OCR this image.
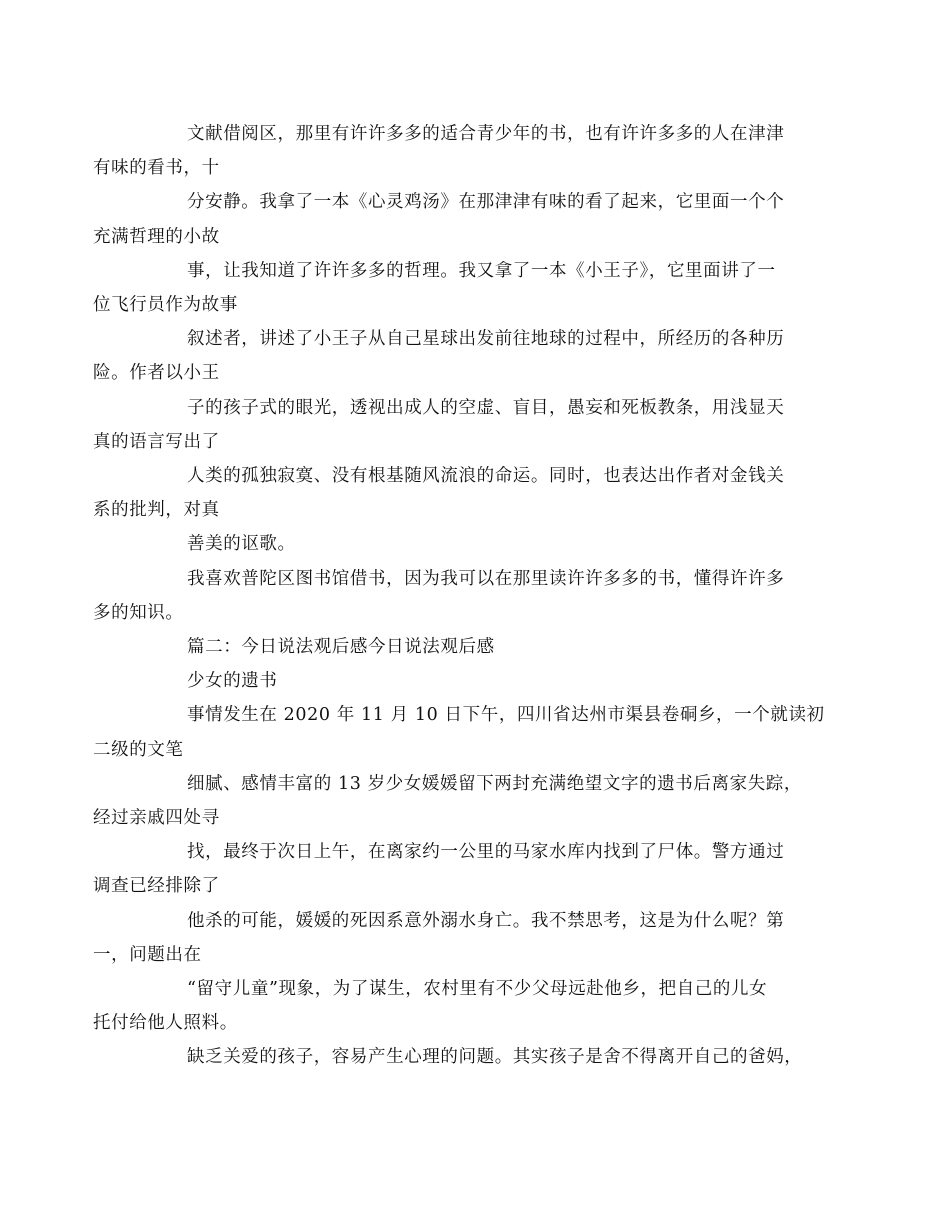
文献借阅区，那里有许许多多的适合青少年的书，也有许许多多的人在津津
有味的看书，十

分安静。我拿了一本《心灵鸡汤》在那津津有味的看了起来，它里面一个个
充满哲理的小故

事，让我知道了许许多多的哲理。我又拿了一本《小王子》，它里面讲了一
位飞行员作为故事

叙述者，讲述了小王子从自己星球出发前往地球的过程中，所经历的各种历
险。作者以小王

子的孩子式的眼光，透视出成人的空虚、盲目，愚妄和死板教条，用浅显天
真的语言写出了

人类的孤独寂寞、没有根基随风流浪的命运。同时，也表达出作者对金钱关
系的批判，对真

善美的讴歌。

我喜欢普陀区图书馆借书，因为我可以在那里读许许多多的书，懂得许许多
多的知识。

篇二：今日说法观后感今日说法观后感

少女的遗书

事情发生在 2020 年 11 月 10 日下午，四川省达州市渠县卷硐乡，一个就读初
二级的文笔

细腻、感情丰富的 13 岁少女媛媛留下两封充满绝望文字的遗书后离家失踪，
经过亲戚四处寻

找，最终于次日上午，在离家约一公里的马家水库内找到了尸体。警方通过
调查已经排除了

他杀的可能，媛媛的死因系意外溺水身亡。我不禁思考，这是为什么呢？第
一，问题出在

“留守儿童”现象，为了谋生，农村里有不少父母远赴他乡，把自己的儿女
托付给他人照料。

缺乏关爱的孩子，容易产生心理的问题。其实孩子是舍不得离开自己的爸妈，
